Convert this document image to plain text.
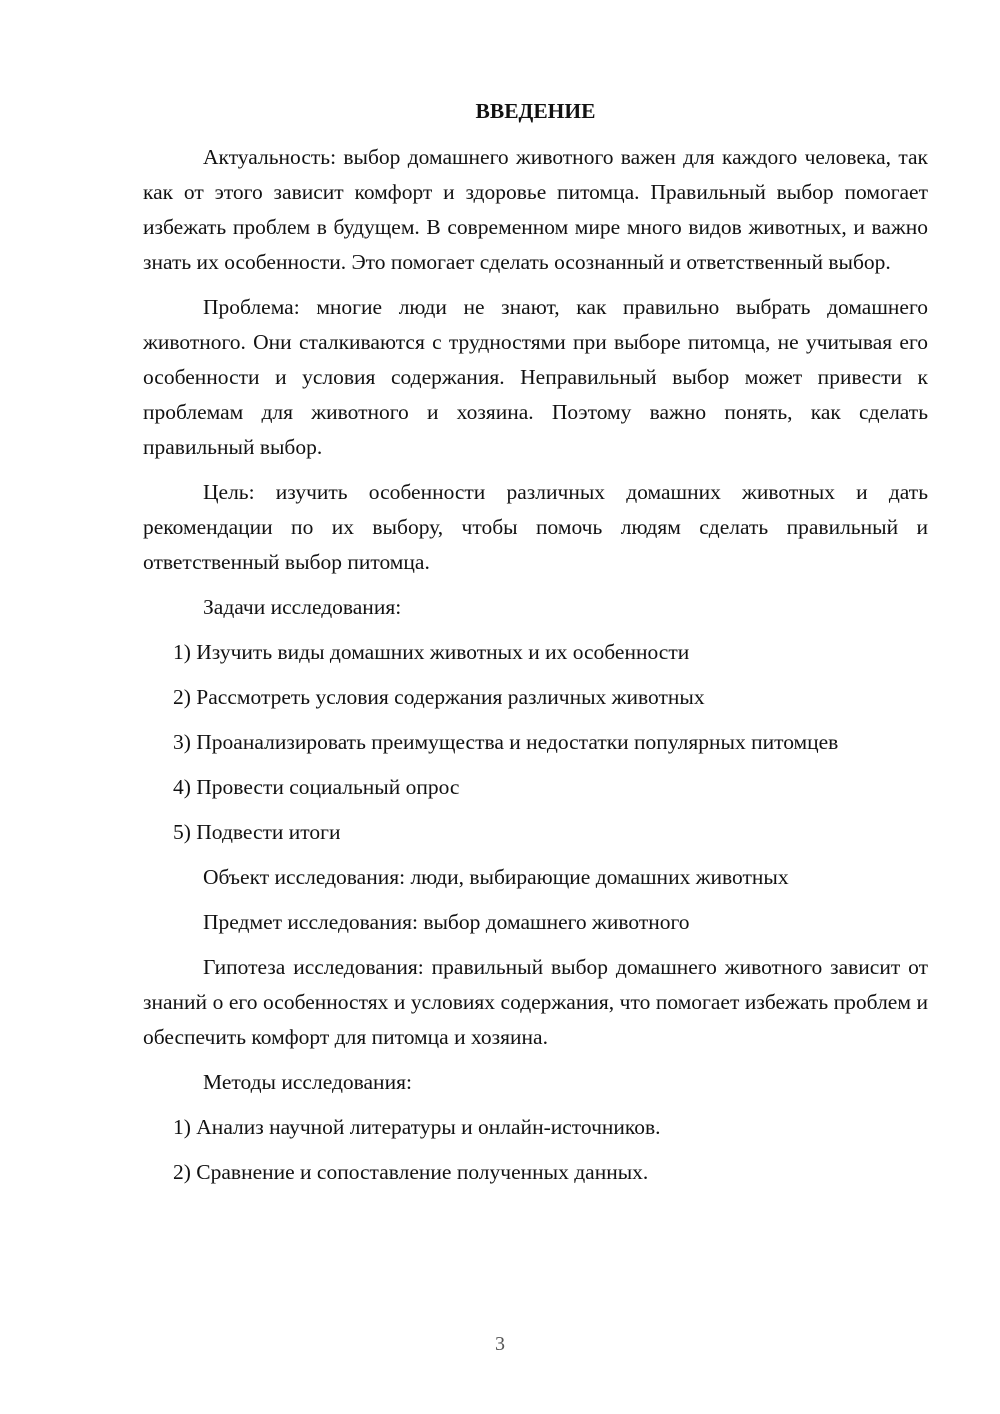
ВВЕДЕНИЕ

Актуальность: выбор домашнего животного важен для каждого человека, так как от этого зависит комфорт и здоровье питомца. Правильный выбор помогает избежать проблем в будущем. В современном мире много видов животных, и важно знать их особенности. Это помогает сделать осознанный и ответственный выбор.

Проблема: многие люди не знают, как правильно выбрать домашнего животного. Они сталкиваются с трудностями при выборе питомца, не учитывая его особенности и условия содержания. Неправильный выбор может привести к проблемам для животного и хозяина. Поэтому важно понять, как сделать правильный выбор.

Цель: изучить особенности различных домашних животных и дать рекомендации по их выбору, чтобы помочь людям сделать правильный и ответственный выбор питомца.

Задачи исследования:

1) Изучить виды домашних животных и их особенности

2) Рассмотреть условия содержания различных животных

3) Проанализировать преимущества и недостатки популярных питомцев

4) Провести социальный опрос

5) Подвести итоги

Объект исследования: люди, выбирающие домашних животных

Предмет исследования: выбор домашнего животного

Гипотеза исследования: правильный выбор домашнего животного зависит от знаний о его особенностях и условиях содержания, что помогает избежать проблем и обеспечить комфорт для питомца и хозяина.

Методы исследования:

1) Анализ научной литературы и онлайн-источников.

2) Сравнение и сопоставление полученных данных.

3
